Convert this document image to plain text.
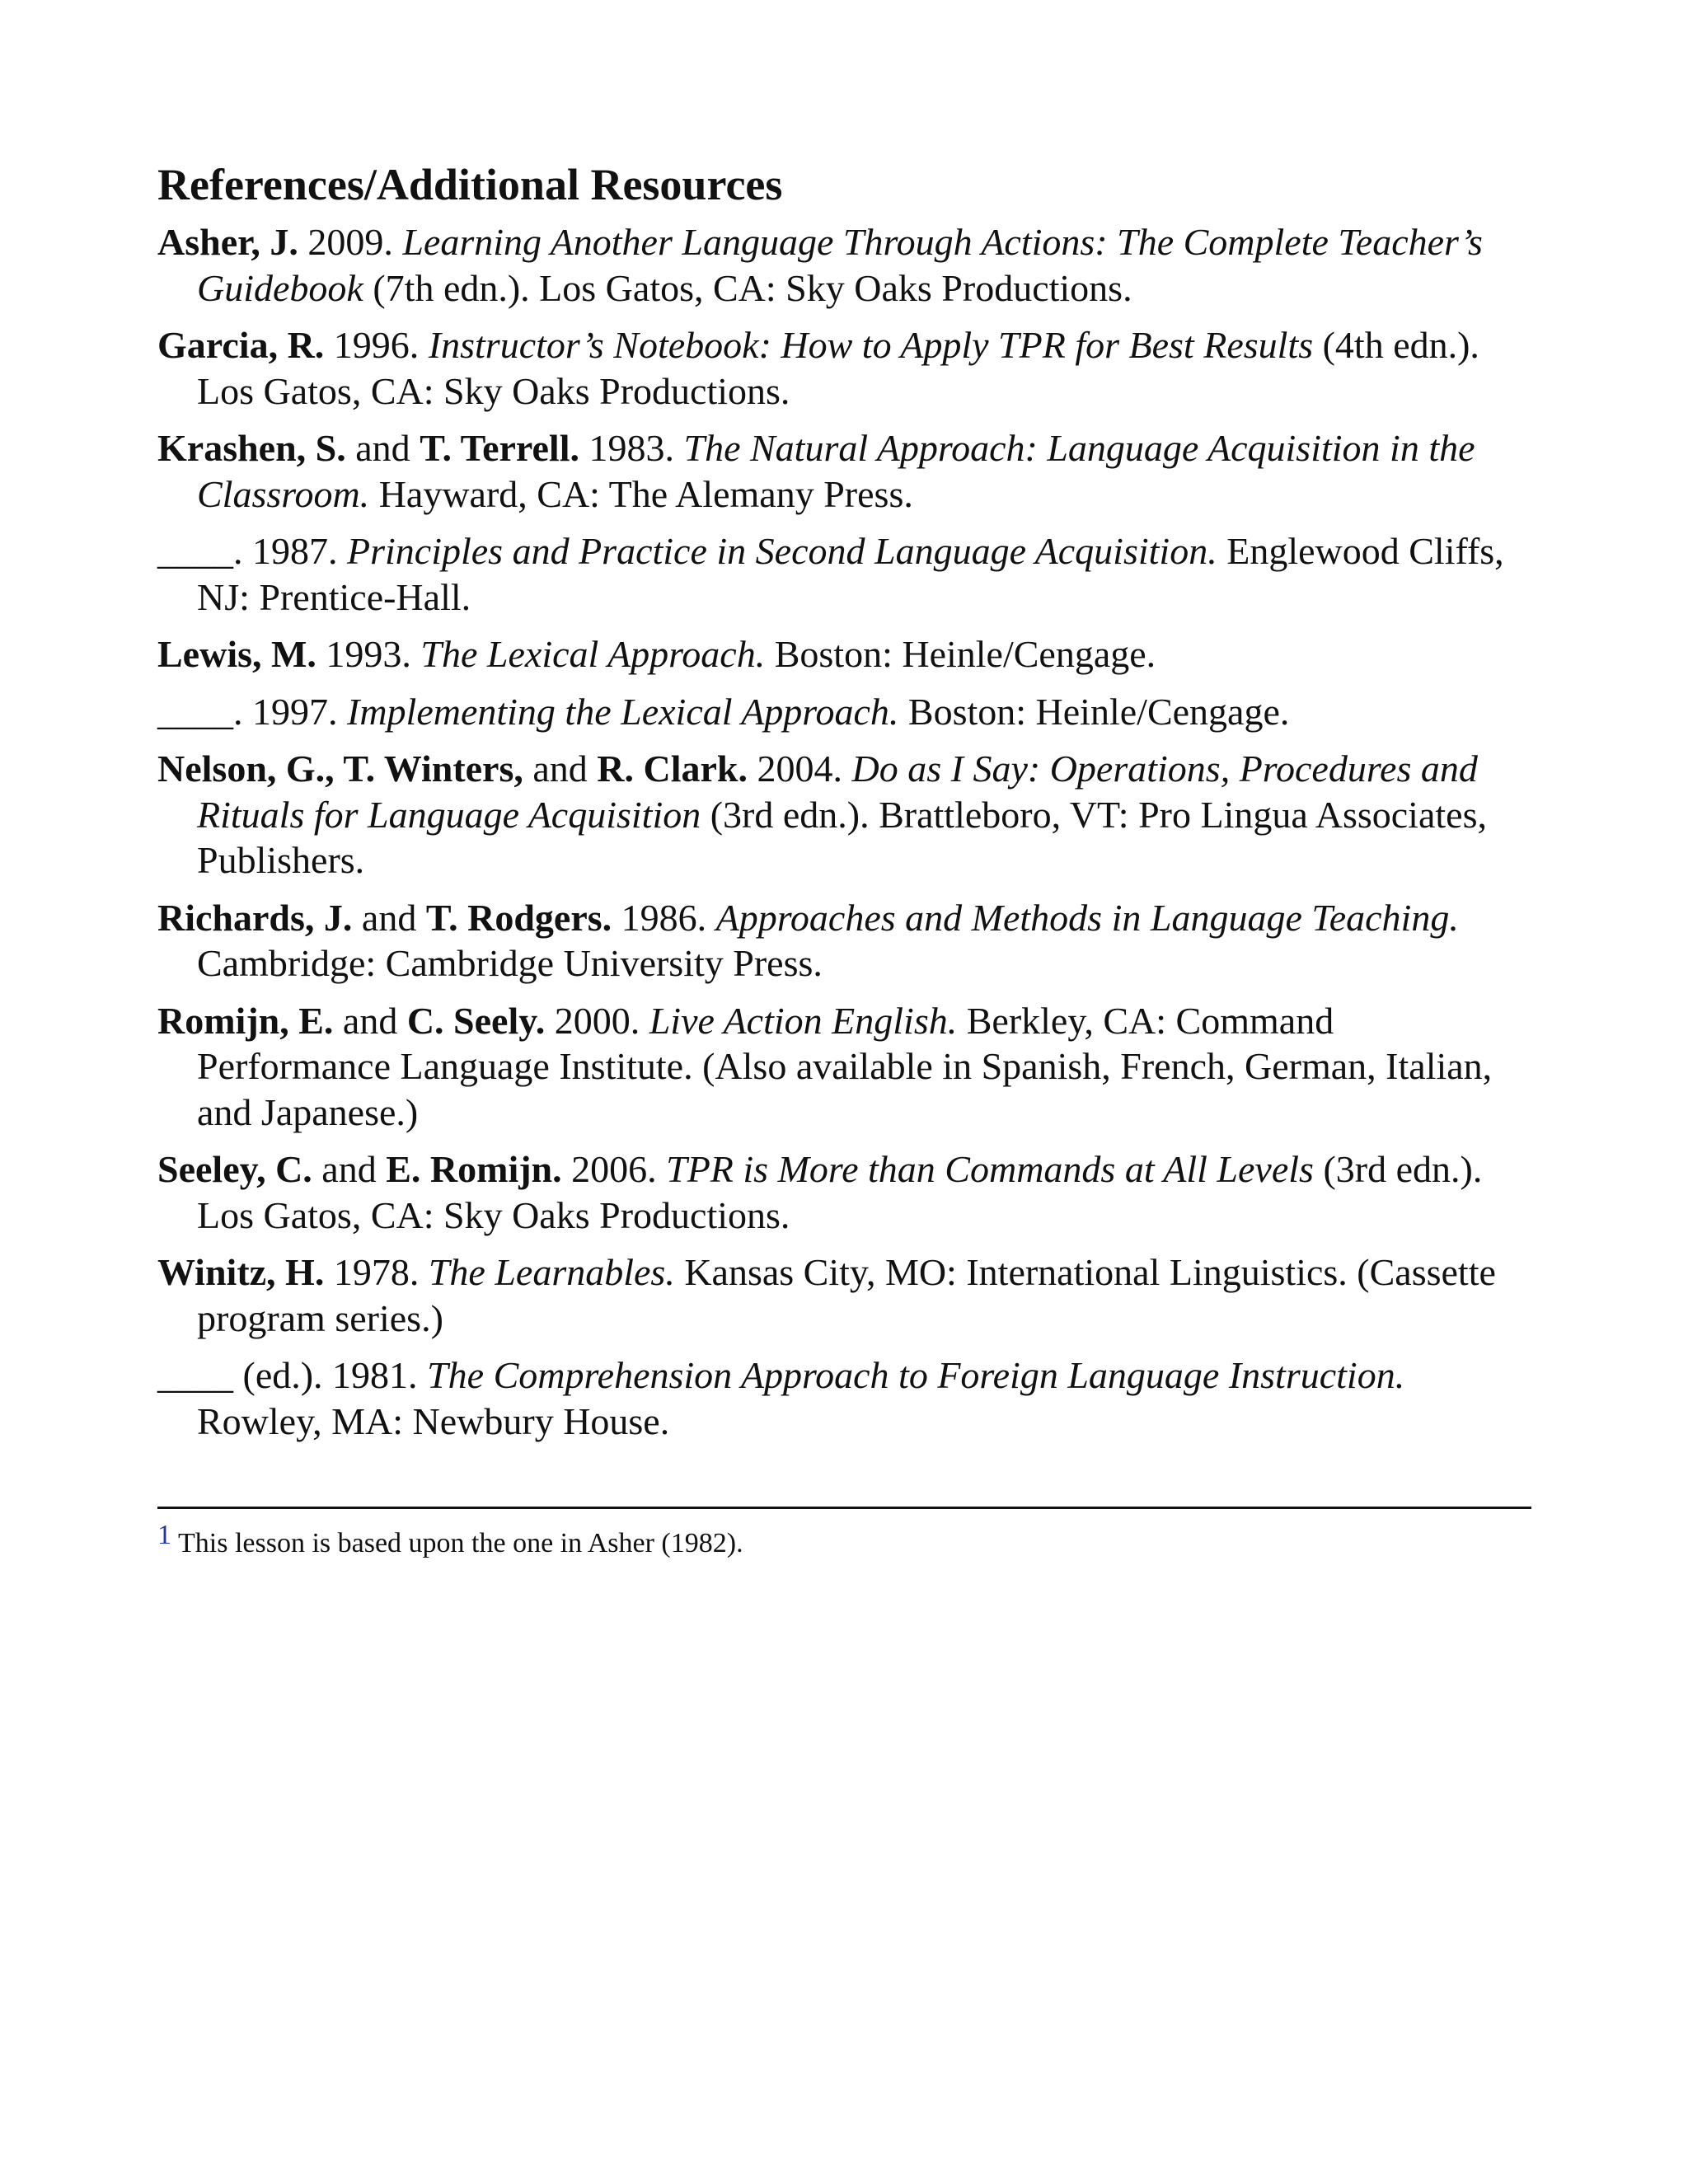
References/Additional Resources

Asher, J. 2009. Learning Another Language Through Actions: The Complete Teacher’s Guidebook (7th edn.). Los Gatos, CA: Sky Oaks Productions.

Garcia, R. 1996. Instructor’s Notebook: How to Apply TPR for Best Results (4th edn.). Los Gatos, CA: Sky Oaks Productions.

Krashen, S. and T. Terrell. 1983. The Natural Approach: Language Acquisition in the Classroom. Hayward, CA: The Alemany Press.

____. 1987. Principles and Practice in Second Language Acquisition. Englewood Cliffs, NJ: Prentice-Hall.

Lewis, M. 1993. The Lexical Approach. Boston: Heinle/Cengage.

____. 1997. Implementing the Lexical Approach. Boston: Heinle/Cengage.

Nelson, G., T. Winters, and R. Clark. 2004. Do as I Say: Operations, Procedures and Rituals for Language Acquisition (3rd edn.). Brattleboro, VT: Pro Lingua Associates, Publishers.

Richards, J. and T. Rodgers. 1986. Approaches and Methods in Language Teaching. Cambridge: Cambridge University Press.

Romijn, E. and C. Seely. 2000. Live Action English. Berkley, CA: Command Performance Language Institute. (Also available in Spanish, French, German, Italian, and Japanese.)

Seeley, C. and E. Romijn. 2006. TPR is More than Commands at All Levels (3rd edn.). Los Gatos, CA: Sky Oaks Productions.

Winitz, H. 1978. The Learnables. Kansas City, MO: International Linguistics. (Cassette program series.)

____ (ed.). 1981. The Comprehension Approach to Foreign Language Instruction. Rowley, MA: Newbury House.

1 This lesson is based upon the one in Asher (1982).
